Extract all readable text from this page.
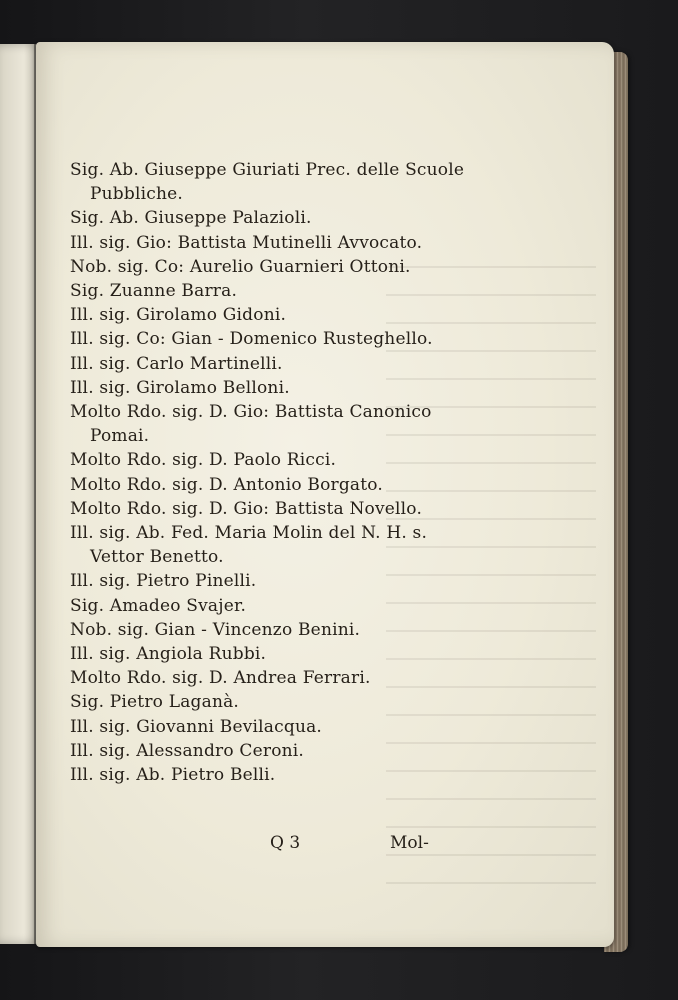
Sig. Ab. Giuseppe Giuriati Prec. delle Scuole
Pubbliche.
Sig. Ab. Giuseppe Palazioli.
Ill. sig. Gio: Battista Mutinelli Avvocato.
Nob. sig. Co: Aurelio Guarnieri Ottoni.
Sig. Zuanne Barra.
Ill. sig. Girolamo Gidoni.
Ill. sig. Co: Gian - Domenico Rusteghello.
Ill. sig. Carlo Martinelli.
Ill. sig. Girolamo Belloni.
Molto Rdo. sig. D. Gio: Battista Canonico
Pomai.
Molto Rdo. sig. D. Paolo Ricci.
Molto Rdo. sig. D. Antonio Borgato.
Molto Rdo. sig. D. Gio: Battista Novello.
Ill. sig. Ab. Fed. Maria Molin del N. H. s.
Vettor Benetto.
Ill. sig. Pietro Pinelli.
Sig. Amadeo Svajer.
Nob. sig. Gian - Vincenzo Benini.
Ill. sig. Angiola Rubbi.
Molto Rdo. sig. D. Andrea Ferrari.
Sig. Pietro Laganà.
Ill. sig. Giovanni Bevilacqua.
Ill. sig. Alessandro Ceroni.
Ill. sig. Ab. Pietro Belli.
Q 3	Mol-
